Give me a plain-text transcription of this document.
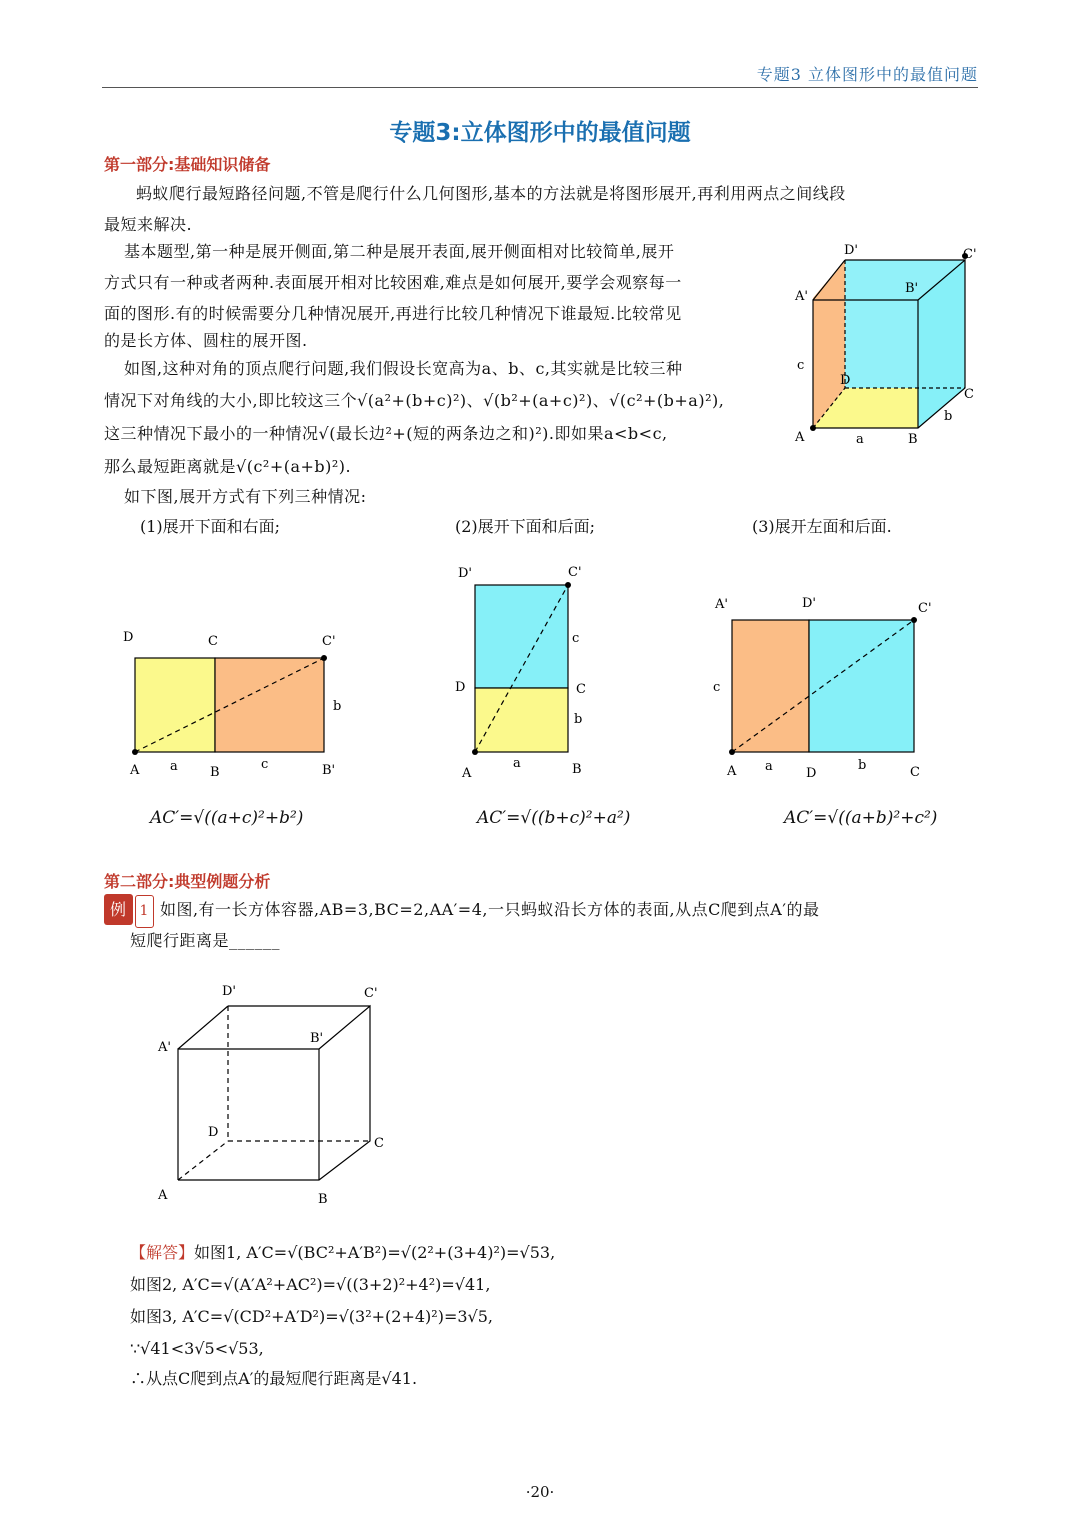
专题3 立体图形中的最值问题
专题3:立体图形中的最值问题
第一部分:基础知识储备
蚂蚁爬行最短路径问题,不管是爬行什么几何图形,基本的方法就是将图形展开,再利用两点之间线段
最短来解决.
基本题型,第一种是展开侧面,第二种是展开表面,展开侧面相对比较简单,展开
方式只有一种或者两种.表面展开相对比较困难,难点是如何展开,要学会观察每一
面的图形.有的时候需要分几种情况展开,再进行比较几种情况下谁最短.比较常见
的是长方体、圆柱的展开图.
如图,这种对角的顶点爬行问题,我们假设长宽高为a、b、c,其实就是比较三种
情况下对角线的大小,即比较这三个√(a²+(b+c)²)、√(b²+(a+c)²)、√(c²+(b+a)²),
这三种情况下最小的一种情况√(最长边²+(短的两条边之和)²).即如果a<b<c,
那么最短距离就是√(c²+(a+b)²).
如下图,展开方式有下列三种情况:
(1)展开下面和右面;	(2)展开下面和后面;	(3)展开左面和后面.
D'	C'
A'
B'
c
D
C
b
A	a	B
D	C	C'
b
A a B
c	B'
D'	C'
c
D	C
b
A
a	B
A'	D'	C'
c
A a	D
b	C
AC′=√((a+c)²+b²)	AC′=√((b+c)²+a²)	AC′=√((a+b)²+c²)
第二部分:典型例题分析
例 1 如图,有一长方体容器,AB=3,BC=2,AA′=4,一只蚂蚁沿长方体的表面,从点C爬到点A′的最
短爬行距离是______
D'	C'
A'
B'
D
C
A	B
【解答】如图1, A′C=√(BC²+A′B²)=√(2²+(3+4)²)=√53,
如图2, A′C=√(A′A²+AC²)=√((3+2)²+4²)=√41,
如图3, A′C=√(CD²+A′D²)=√(3²+(2+4)²)=3√5,
∵√41<3√5<√53,
∴从点C爬到点A′的最短爬行距离是√41.
·20·
